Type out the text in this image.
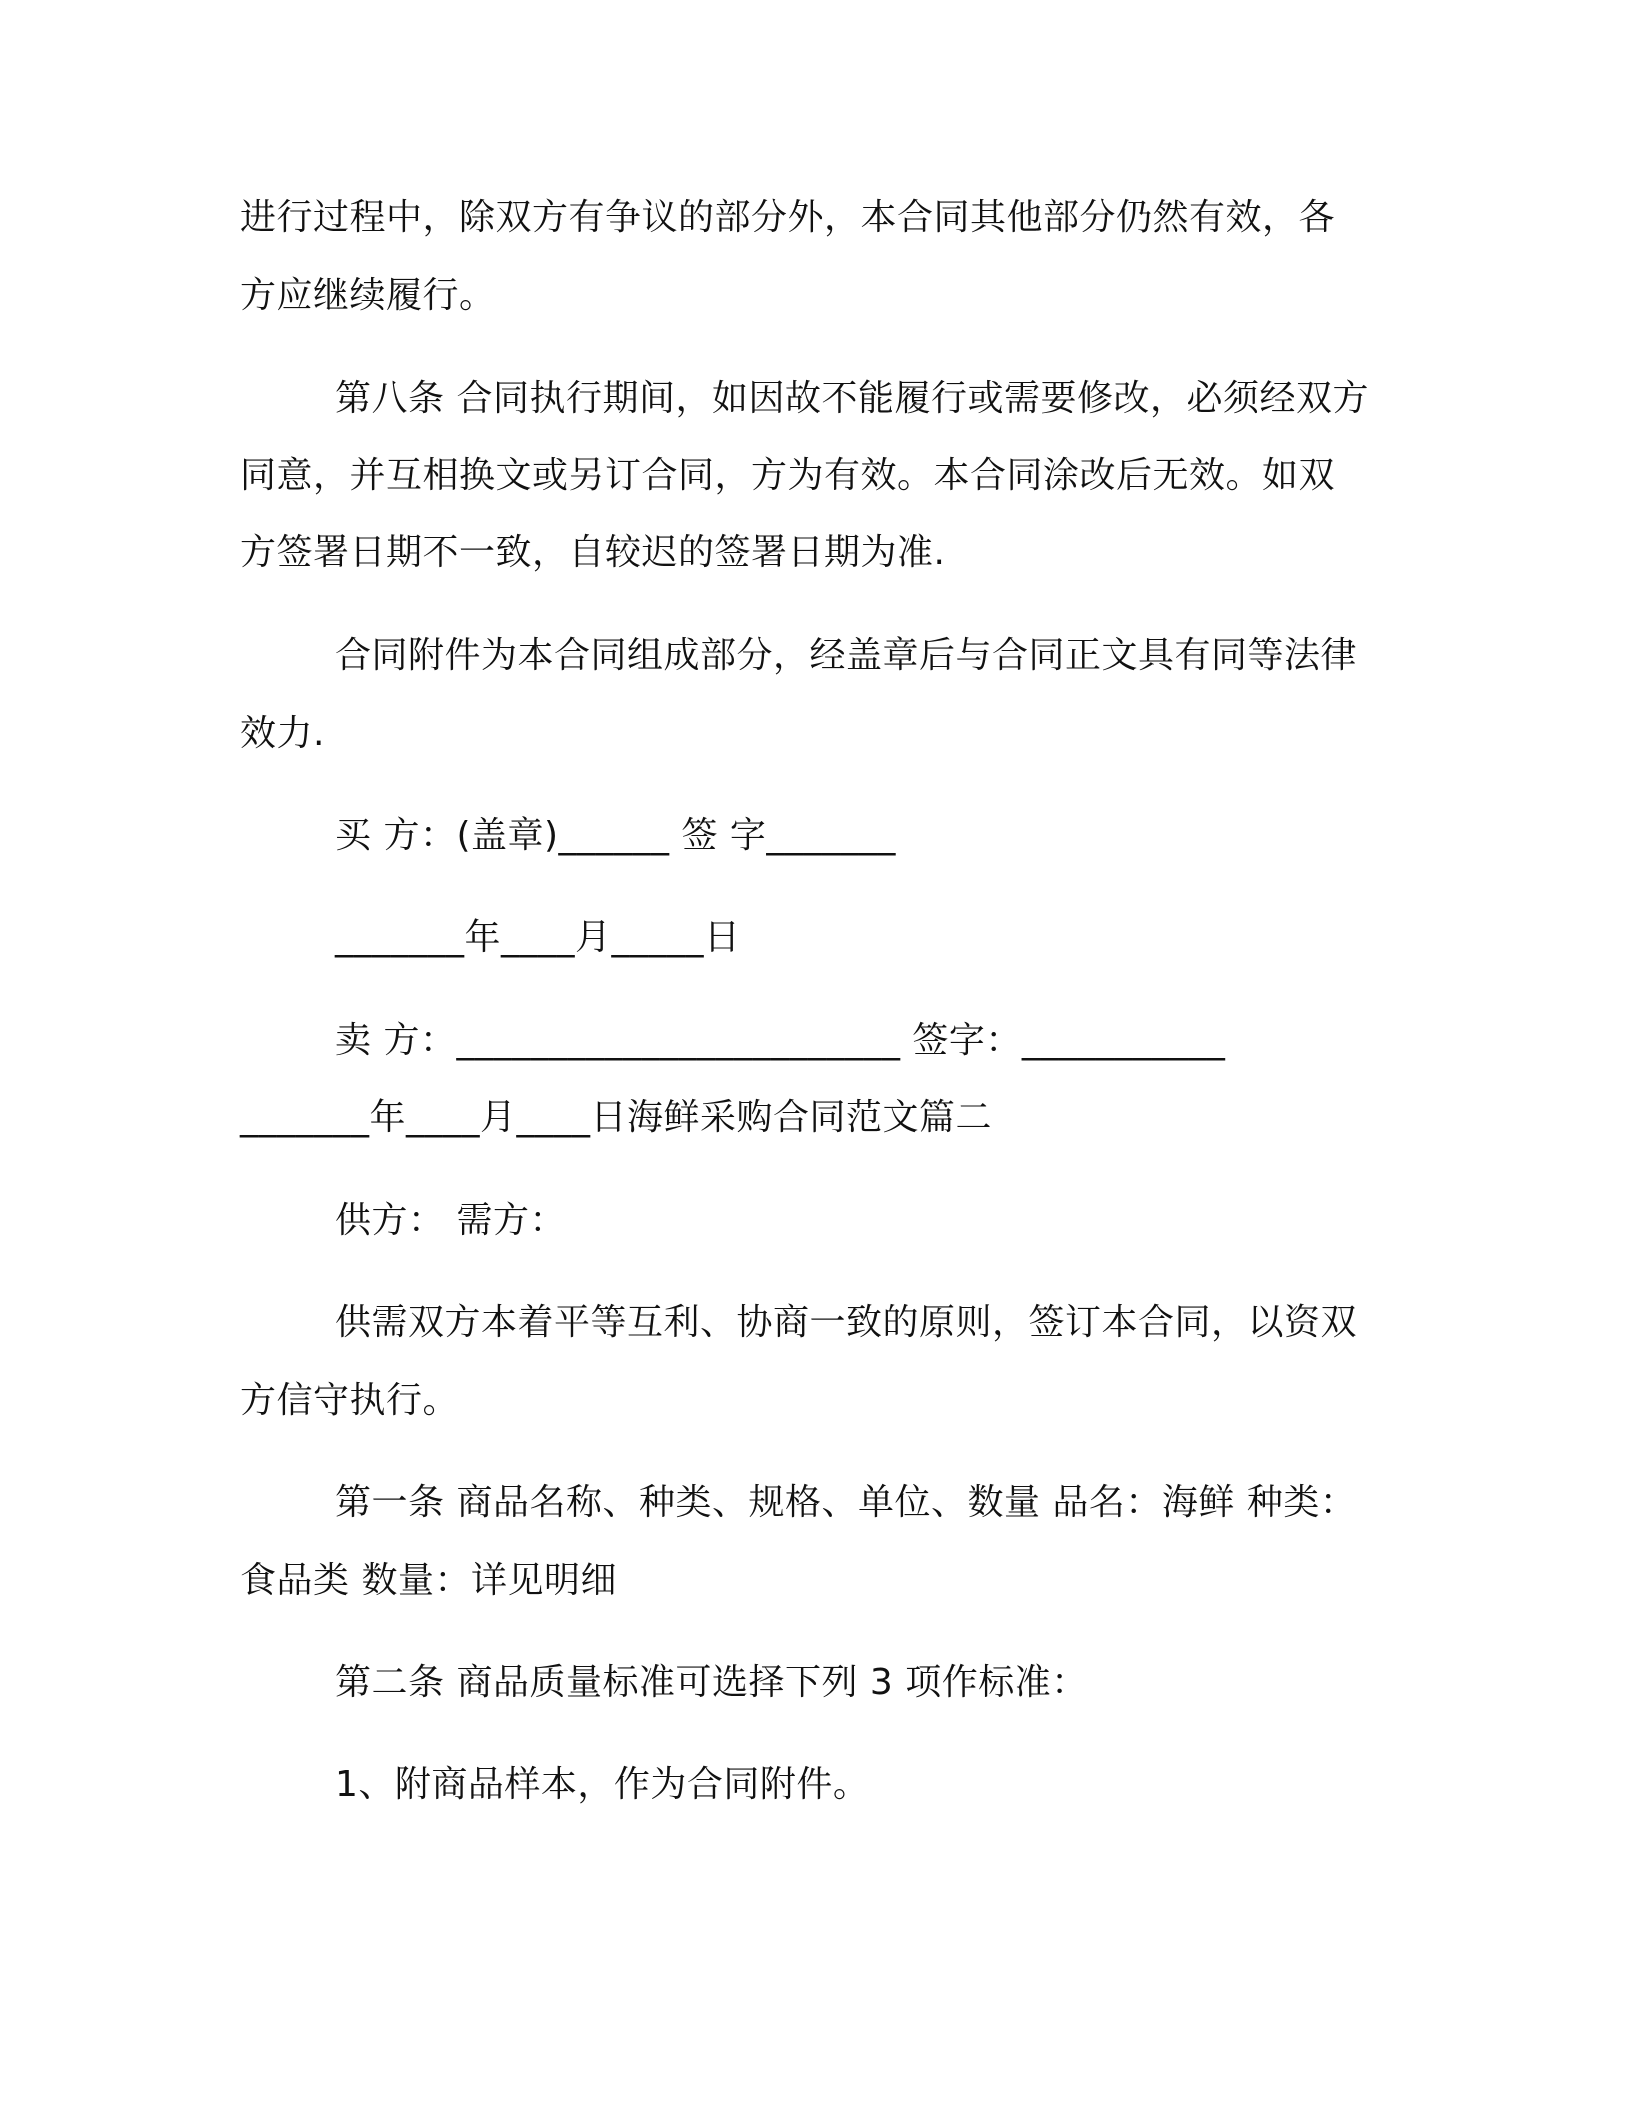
进行过程中，除双方有争议的部分外，本合同其他部分仍然有效，各
方应继续履行。
第八条 合同执行期间，如因故不能履行或需要修改，必须经双方
同意，并互相换文或另订合同，方为有效。本合同涂改后无效。如双
方签署日期不一致，自较迟的签署日期为准.
合同附件为本合同组成部分，经盖章后与合同正文具有同等法律
效力.
买 方：(盖章)______ 签 字_______
_______年____月_____日
卖 方：________________________ 签字：___________
_______年____月____日海鲜采购合同范文篇二
供方： 需方：
供需双方本着平等互利、协商一致的原则，签订本合同，以资双
方信守执行。
第一条 商品名称、种类、规格、单位、数量 品名：海鲜 种类：
食品类 数量：详见明细
第二条 商品质量标准可选择下列 3 项作标准：
1、附商品样本，作为合同附件。
